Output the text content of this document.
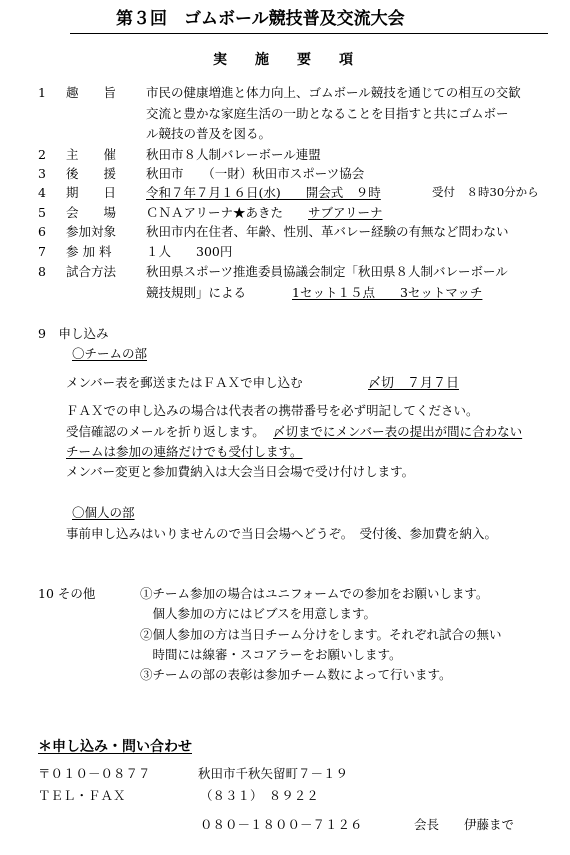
第３回　ゴムボール競技普及交流大会
実　　施　　要　　項
1 趣　　旨 市民の健康増進と体力向上、ゴムボール競技を通じての相互の交歓
交流と豊かな家庭生活の一助となることを目指すと共にゴムボー
ル競技の普及を図る。
2 主　　催 秋田市８人制バレーボール連盟
3 後　　援 秋田市　　（一財）秋田市スポーツ協会
4 期　　日 令和７年７月１６日(水)　　開会式　９時	受付　８時30分から
5 会　　場 ＣＮＡアリーナ★あきた サブアリーナ
6 参加対象 秋田市内在住者、年齢、性別、革バレー経験の有無など問わない
7 参 加 料	１人　　300円
8 試合方法 秋田県スポーツ推進委員協議会制定「秋田県８人制バレーボール
競技規則」による	1セット１５点　　3セットマッチ
9　申し込み
〇チームの部
メンバー表を郵送またはＦＡＸで申し込む	〆切　７月７日
ＦＡＸでの申し込みの場合は代表者の携帯番号を必ず明記してください。
受信確認のメールを折り返します。 〆切までにメンバー表の提出が間に合わない
チームは参加の連絡だけでも受付します。
メンバー変更と参加費納入は大会当日会場で受け付けします。
〇個人の部
事前申し込みはいりませんので当日会場へどうぞ。　受付後、参加費を納入。
10 その他	①チーム参加の場合はユニフォームでの参加をお願いします。
　個人参加の方にはビブスを用意します。
②個人参加の方は当日チーム分けをします。それぞれ試合の無い
　時間には線審・スコアラーをお願いします。
③チームの部の表彰は参加チーム数によって行います。
＊申し込み・問い合わせ
〒０１０－０８７７	秋田市千秋矢留町７－１９
ＴＥＬ・ＦＡＸ	（８３１）　８９２２
０８０－１８００－７１２６	会長　　伊藤まで
